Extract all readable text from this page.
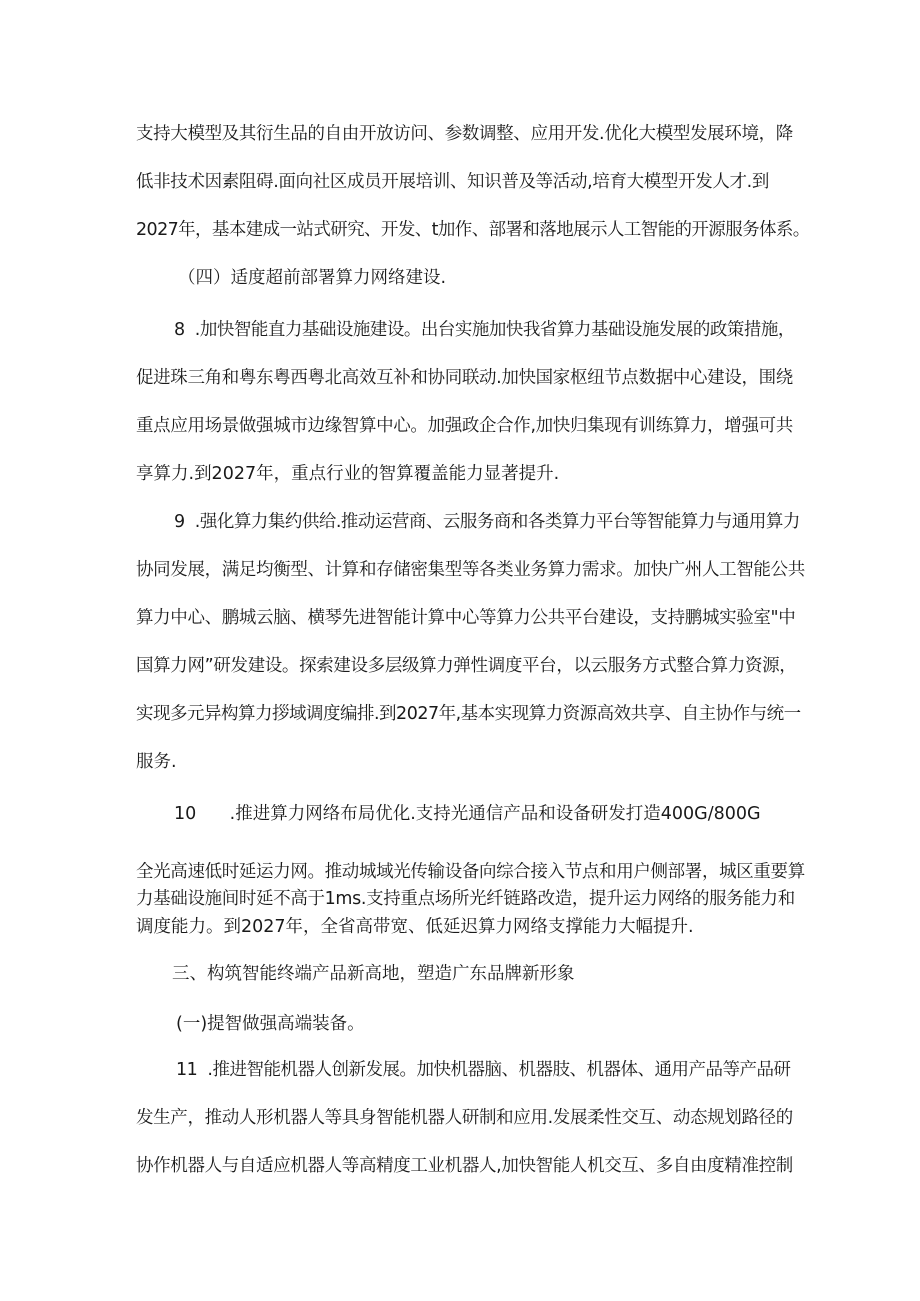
支持大模型及其衍生品的自由开放访问、参数调整、应用开发.优化大模型发展环境，降
低非技术因素阻碍.面向社区成员开展培训、知识普及等活动,培育大模型开发人才.到
2027年，基本建成一站式研究、开发、t加作、部署和落地展示人工智能的开源服务体系。
（四）适度超前部署算力网络建设.
8  .加快智能直力基础设施建设。出台实施加快我省算力基础设施发展的政策措施，
促进珠三角和粤东粤西粤北高效互补和协同联动.加快国家枢纽节点数据中心建设，围绕
重点应用场景做强城市边缘智算中心。加强政企合作,加快归集现有训练算力，增强可共
享算力.到2027年，重点行业的智算覆盖能力显著提升.
9  .强化算力集约供给.推动运营商、云服务商和各类算力平台等智能算力与通用算力
协同发展，满足均衡型、计算和存储密集型等各类业务算力需求。加快广州人工智能公共
算力中心、鹏城云脑、横琴先进智能计算中心等算力公共平台建设，支持鹏城实验室"中
国算力网”研发建设。探索建设多层级算力弹性调度平台，以云服务方式整合算力资源，
实现多元异构算力拶域调度编排.到2027年,基本实现算力资源高效共享、自主协作与统一
服务.
10      .推进算力网络布局优化.支持光通信产品和设备研发打造400G/800G
全光高速低时延运力网。推动城域光传输设备向综合接入节点和用户侧部署，城区重要算
力基础设施间时延不高于1ms.支持重点场所光纤链路改造，提升运力网络的服务能力和
调度能力。到2027年，全省高带宽、低延迟算力网络支撑能力大幅提升.
三、构筑智能终端产品新高地，塑造广东品牌新形象
(一)提智做强高端装备。
11  .推进智能机器人创新发展。加快机器脑、机器肢、机器体、通用产品等产品研
发生产，推动人形机器人等具身智能机器人研制和应用.发展柔性交互、动态规划路径的
协作机器人与自适应机器人等高精度工业机器人,加快智能人机交互、多自由度精准控制
